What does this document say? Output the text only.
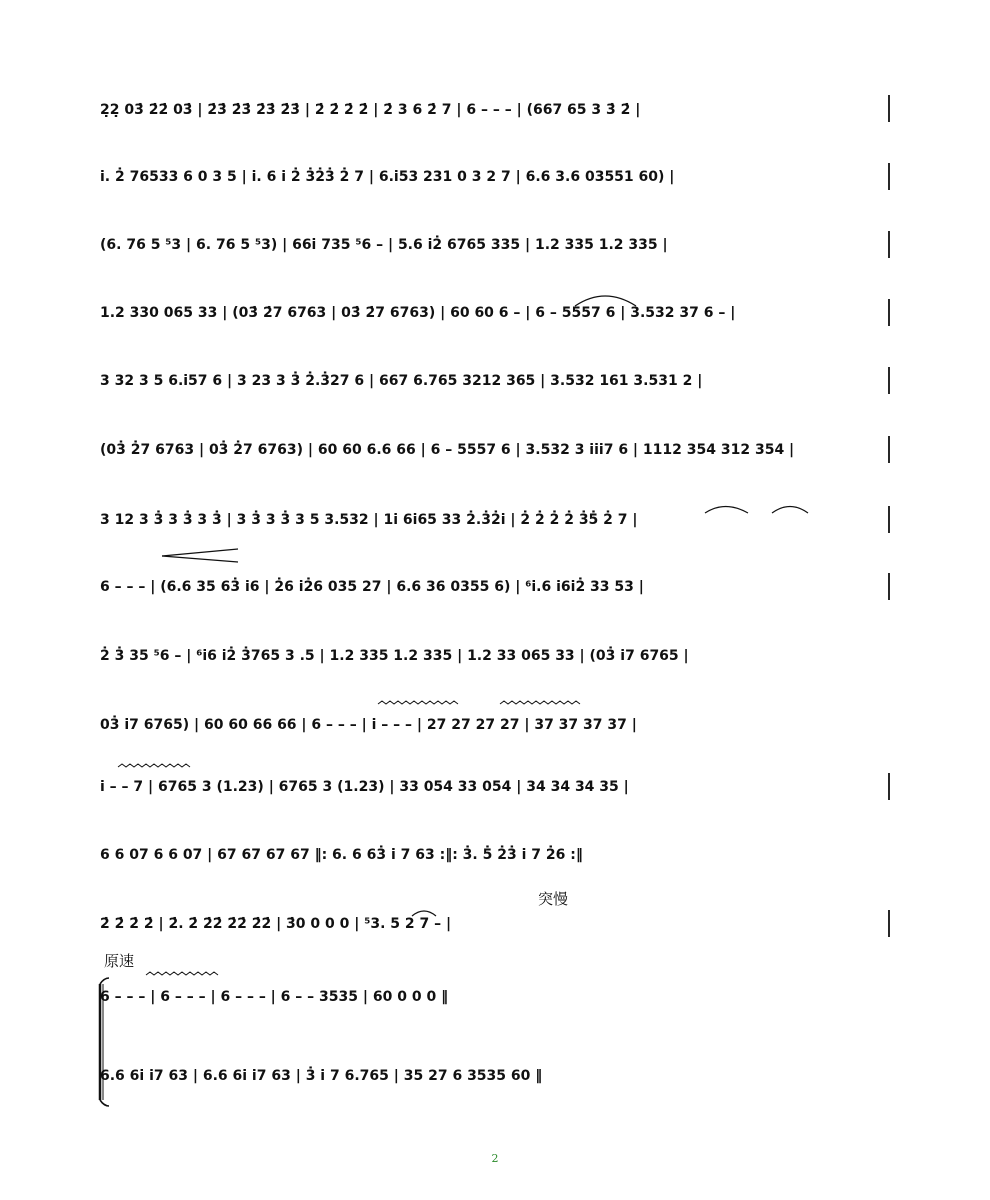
2̣2̣ 03̇ 2̇2̇ 03̇ | 2̇3̇ 2̇3̇ 2̇3̇ 2̇3̇ | 2̇ 2̇ 2̇ 2̇ | 2̇ 3 6 2̇ 7 | 6 – – – | (667 65 3 3̇ 2̇ |
i. 2̇ 76533 6 0 3 5 | i. 6 i 2̇ 3̇2̇3̇ 2̇ 7 | 6.i53 231 0 3 2 7 | 6.6 3.6 03551 60) |
(6. 76 5 ⁵3 | 6. 76 5 ⁵3) | 66i 735 ⁵6 – | 5.6 i2̇ 6765 335 | 1.2 335 1.2 335 |
1.2 330 065 33 | (03̇ 2̇7 6763 | 03̇ 2̇7 6763) | 60 60 6 – | 6 – 5557 6 | 3.532 37 6 – |
3 32 3 5 6.i57 6 | 3 23 3 3̇ 2̇.3̇27 6 | 667 6.765 3212 365 | 3.532 161 3.531 2 |
(03̇ 2̇7 6763 | 03̇ 2̇7 6763) | 60 60 6.6 66 | 6 – 5557 6 | 3.532 3 iii7 6 | 1112 354 312 354 |
3 12 3 3̇ 3 3̇ 3 3̇ | 3 3̇ 3 3̇ 3 5 3.532 | 1i 6i65 33 2̇.3̇2̇i | 2̇ 2̇ 2̇ 2̇ 3̇5̇ 2̇ 7 |
6 – – – | (6.6 35 63̇ i6 | 2̇6 i2̇6 035 27 | 6.6 36 0355 6) | ⁶i.6 i6i2̇ 33 53 |
2̇ 3̇ 35 ⁵6 – | ⁶i6 i2̇ 3̇765 3 .5 | 1.2 335 1.2 335 | 1.2 33 065 33 | (03̇ i7 6765 |
03̇ i7 6765) | 60 60 66 66 | 6 – – – | i – – – | 27 27 27 27 | 37 37 37 37 |
i – – 7 | 6765 3 (1.23) | 6765 3 (1.23) | 33 054 33 054 | 34 34 34 35 |
6 6 07 6 6 07 | 67 67 67 67 ‖: 6. 6 63̇ i 7 63 :‖: 3̇. 5̇ 2̇3̇ i 7 2̇6 :‖
2̇ 2̇ 2̇ 2̇ | 2̇. 2̇ 2̇2̇ 2̇2̇ 2̇2̇ | 3̇0 0 0 0 | ⁵3. 5 2 7 – |
6 – – – | 6 – – – | 6 – – – | 6 – – 3535 | 60 0 0 0 ‖
6.6 6i i7 63 | 6.6 6i i7 63 | 3̇ i 7 6.765 | 35 27 6 3535 60 ‖
突慢
原速
2
